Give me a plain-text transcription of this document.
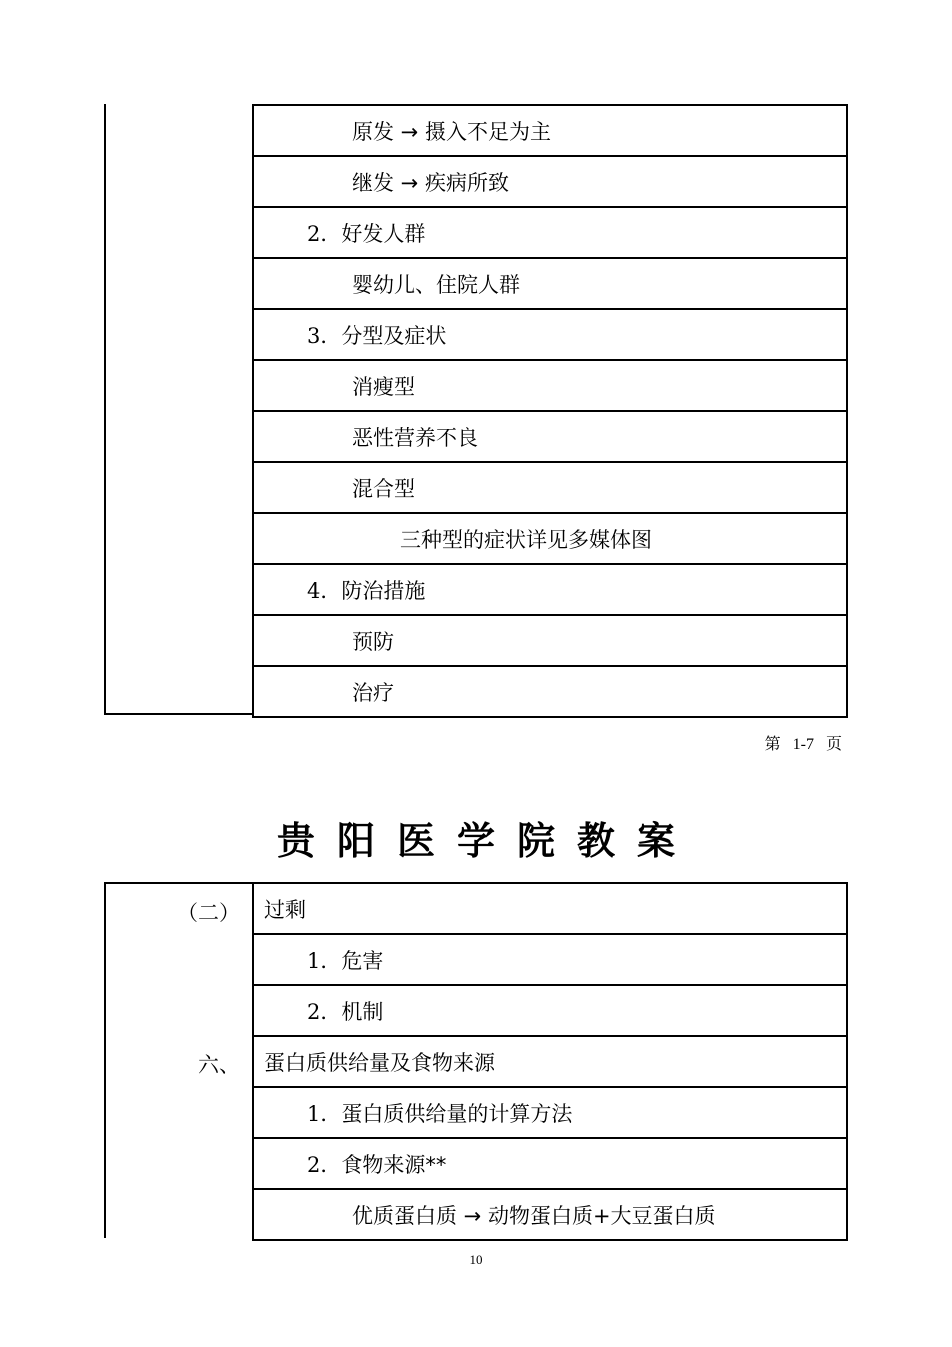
原发 → 摄入不足为主
继发 → 疾病所致
2． 好发人群
婴幼儿、住院人群
3． 分型及症状
消瘦型
恶性营养不良
混合型
三种型的症状详见多媒体图
4． 防治措施
预防
治疗
第 1-7 页
贵阳医学院教案
（二）
六、
过剩
1． 危害
2． 机制
蛋白质供给量及食物来源
1． 蛋白质供给量的计算方法
2． 食物来源**
优质蛋白质 → 动物蛋白质+大豆蛋白质
10
